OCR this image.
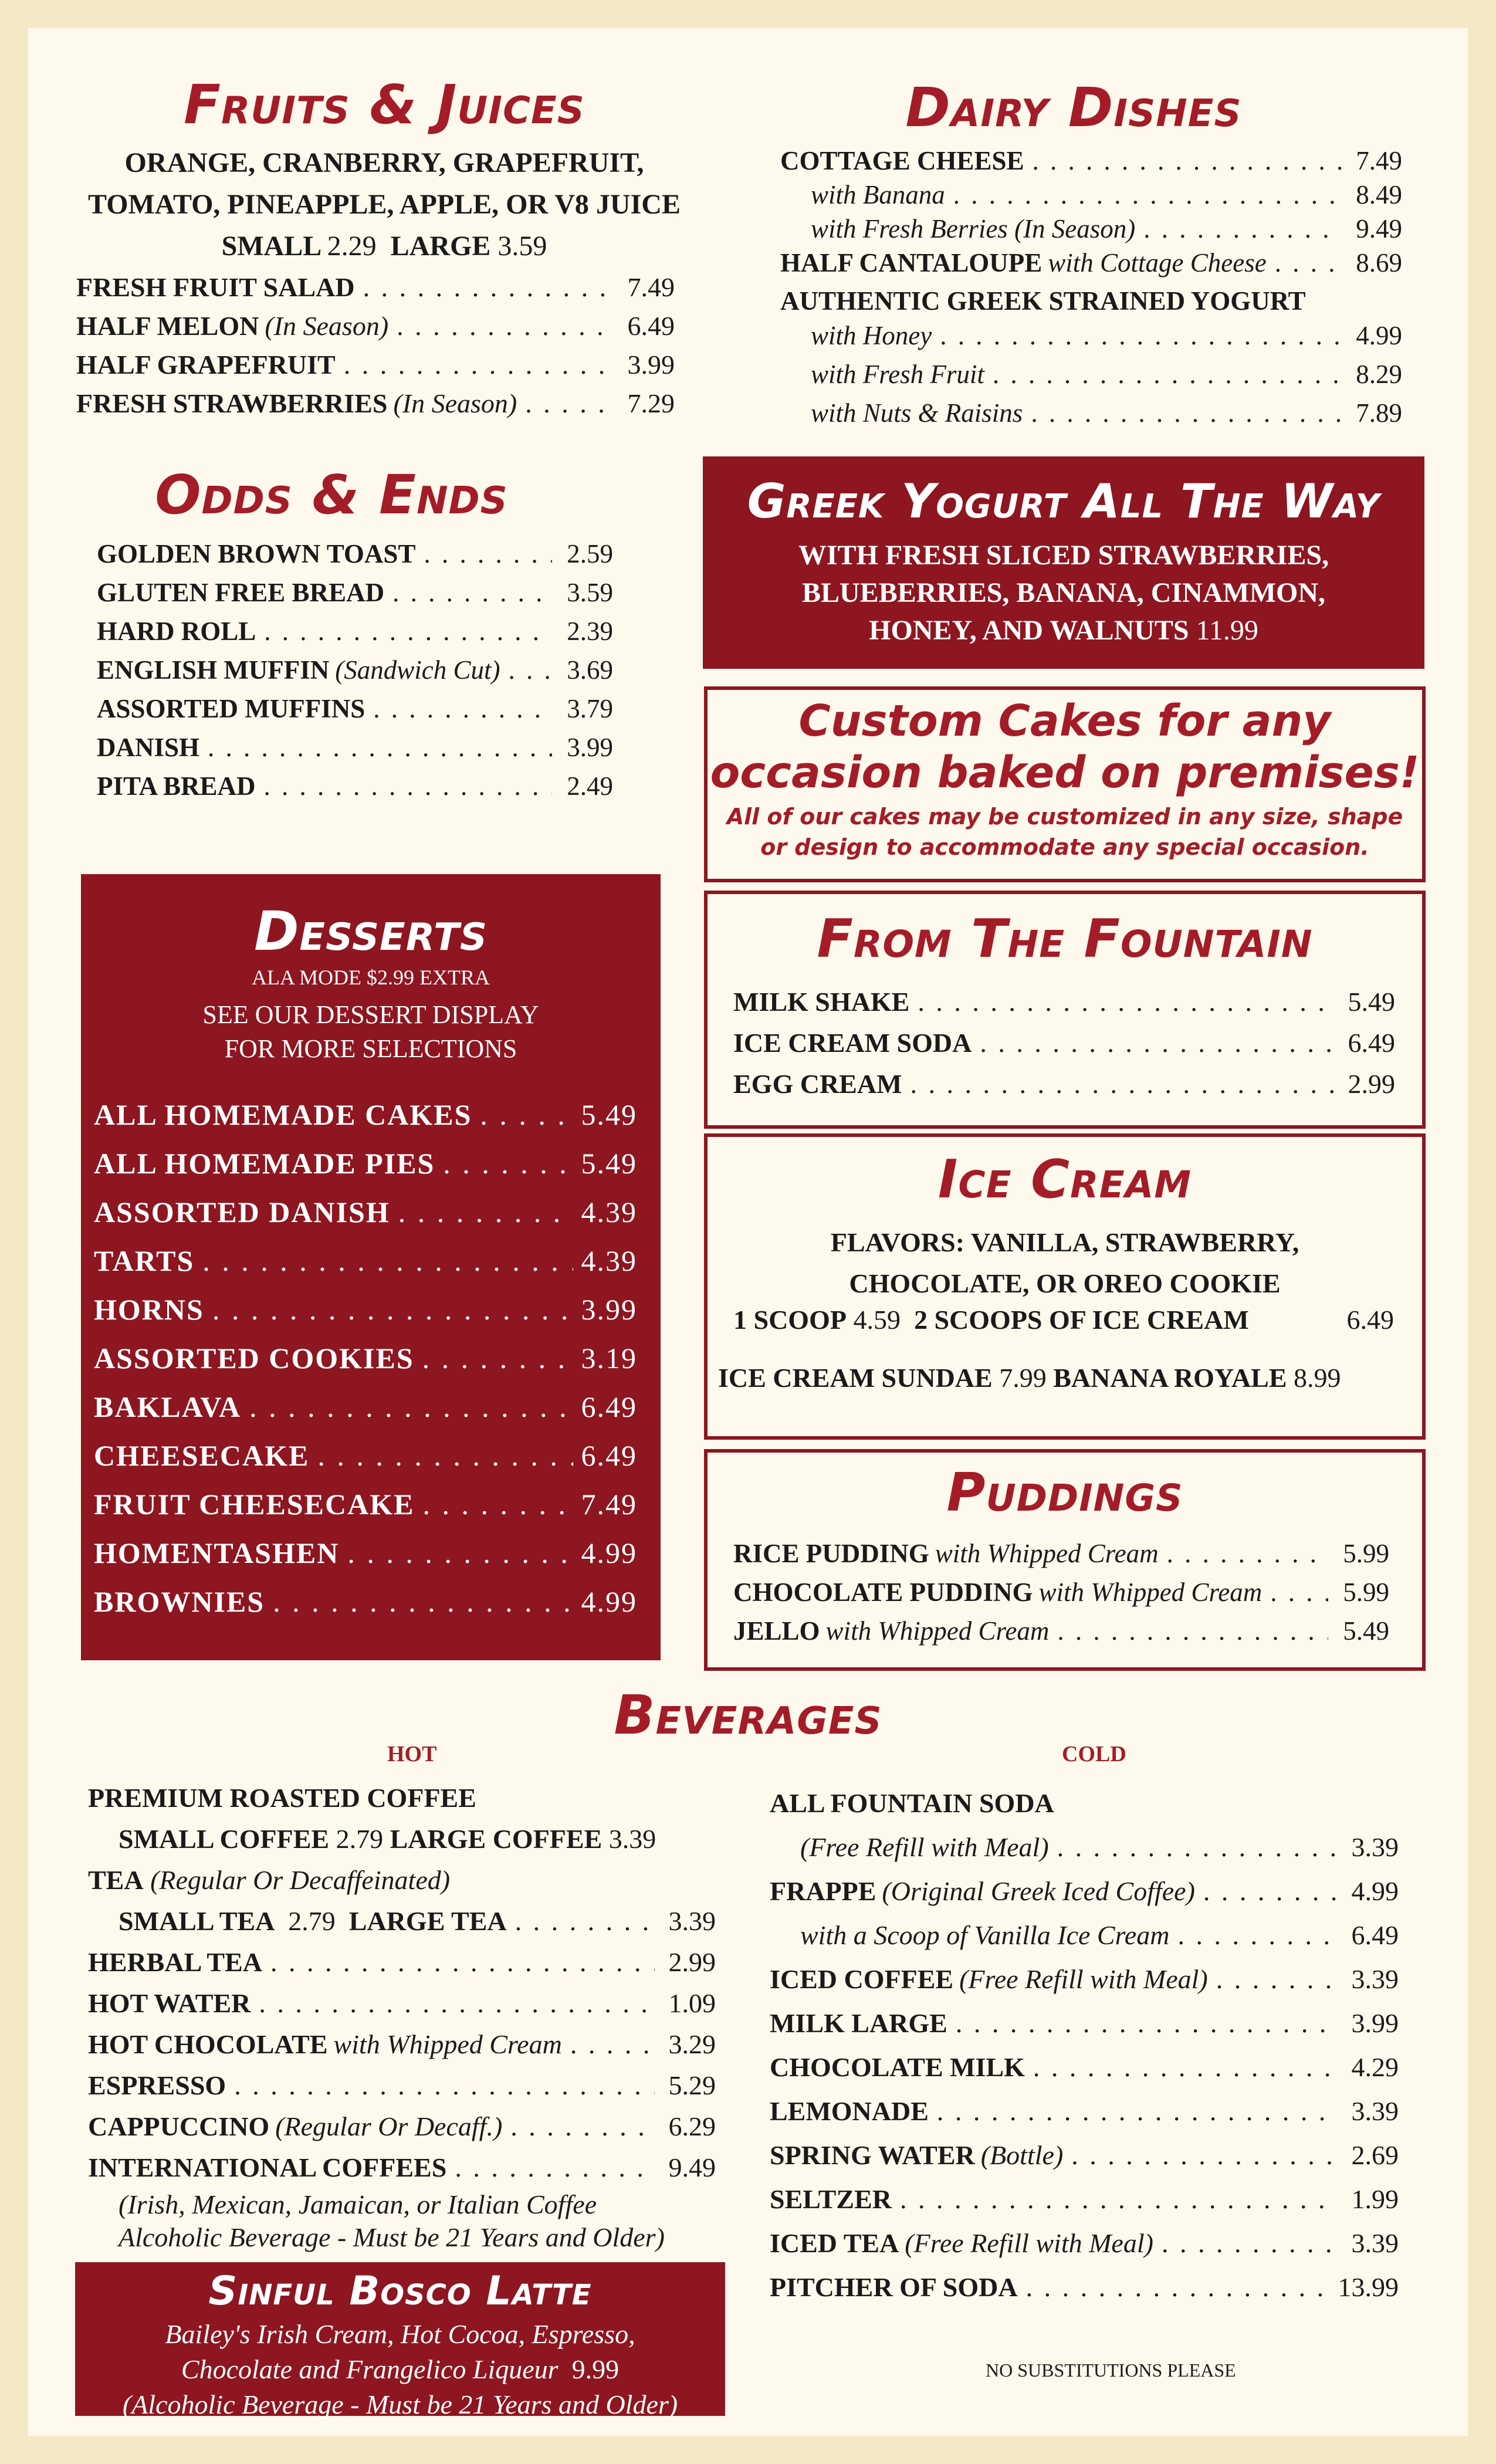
Fruits & Juices
ORANGE, CRANBERRY, GRAPEFRUIT,
TOMATO, PINEAPPLE, APPLE, OR V8 JUICE
SMALL 2.29 LARGE 3.59
FRESH FRUIT SALAD . . .	7.49
HALF MELON (In Season) . . .	6.49
HALF GRAPEFRUIT . . .	3.99
FRESH STRAWBERRIES (In Season) . . .	7.29
Dairy Dishes
COTTAGE CHEESE . . .	7.49
with Banana . . .	8.49
with Fresh Berries (In Season) . . .	9.49
HALF CANTALOUPE with Cottage Cheese . . .	8.69
AUTHENTIC GREEK STRAINED YOGURT
with Honey . . .	4.99
with Fresh Fruit . . .	8.29
with Nuts & Raisins . . .	7.89
Odds & Ends
GOLDEN BROWN TOAST . . .	2.59
GLUTEN FREE BREAD . . .	3.59
HARD ROLL . . .	2.39
ENGLISH MUFFIN (Sandwich Cut) . . .	3.69
ASSORTED MUFFINS . . .	3.79
DANISH . . .	3.99
PITA BREAD . . .	2.49
Greek Yogurt All The Way
WITH FRESH SLICED STRAWBERRIES,
BLUEBERRIES, BANANA, CINAMMON,
HONEY, AND WALNUTS 11.99
Custom Cakes for any
occasion baked on premises!
All of our cakes may be customized in any size, shape
or design to accommodate any special occasion.
Desserts
ALA MODE $2.99 EXTRA
SEE OUR DESSERT DISPLAY
FOR MORE SELECTIONS
ALL HOMEMADE CAKES . . .	5.49
ALL HOMEMADE PIES . . .	5.49
ASSORTED DANISH . . .	4.39
TARTS . . .	4.39
HORNS . . .	3.99
ASSORTED COOKIES . . .	3.19
BAKLAVA . . .	6.49
CHEESECAKE . . .	6.49
FRUIT CHEESECAKE . . .	7.49
HOMENTASHEN . . .	4.99
BROWNIES . . .	4.99
From The Fountain
MILK SHAKE . . .	5.49
ICE CREAM SODA . . .	6.49
EGG CREAM . . .	2.99
Ice Cream
FLAVORS: VANILLA, STRAWBERRY,
CHOCOLATE, OR OREO COOKIE
1 SCOOP
4.59
2 SCOOPS OF ICE CREAM	6.49
ICE CREAM SUNDAE
7.99
BANANA ROYALE
8.99
Puddings
RICE PUDDING with Whipped Cream . . .	5.99
CHOCOLATE PUDDING with Whipped Cream . . .	5.99
JELLO with Whipped Cream . . .	5.49
Beverages
HOT	COLD
PREMIUM ROASTED COFFEE
SMALL COFFEE
2.79
LARGE COFFEE
3.39
TEA (Regular Or Decaffeinated)
SMALL TEA
2.79
LARGE TEA . . .	3.39
HERBAL TEA . . .	2.99
HOT WATER . . .	1.09
HOT CHOCOLATE with Whipped Cream . . .	3.29
ESPRESSO . . .	5.29
CAPPUCCINO (Regular Or Decaff.) . . .	6.29
INTERNATIONAL COFFEES . . .	9.49
(Irish, Mexican, Jamaican, or Italian Coffee
Alcoholic Beverage - Must be 21 Years and Older)
ALL FOUNTAIN SODA
(Free Refill with Meal) . . .	3.39
FRAPPE (Original Greek Iced Coffee) . . .	4.99
with a Scoop of Vanilla Ice Cream . . .	6.49
ICED COFFEE (Free Refill with Meal) . . .	3.39
MILK LARGE . . .	3.99
CHOCOLATE MILK . . .	4.29
LEMONADE . . .	3.39
SPRING WATER (Bottle) . . .	2.69
SELTZER . . .	1.99
ICED TEA (Free Refill with Meal) . . .	3.39
PITCHER OF SODA . . .	13.99
NO SUBSTITUTIONS PLEASE
Sinful Bosco Latte
Bailey's Irish Cream, Hot Cocoa, Espresso,
Chocolate and Frangelico Liqueur 9.99
(Alcoholic Beverage - Must be 21 Years and Older)
